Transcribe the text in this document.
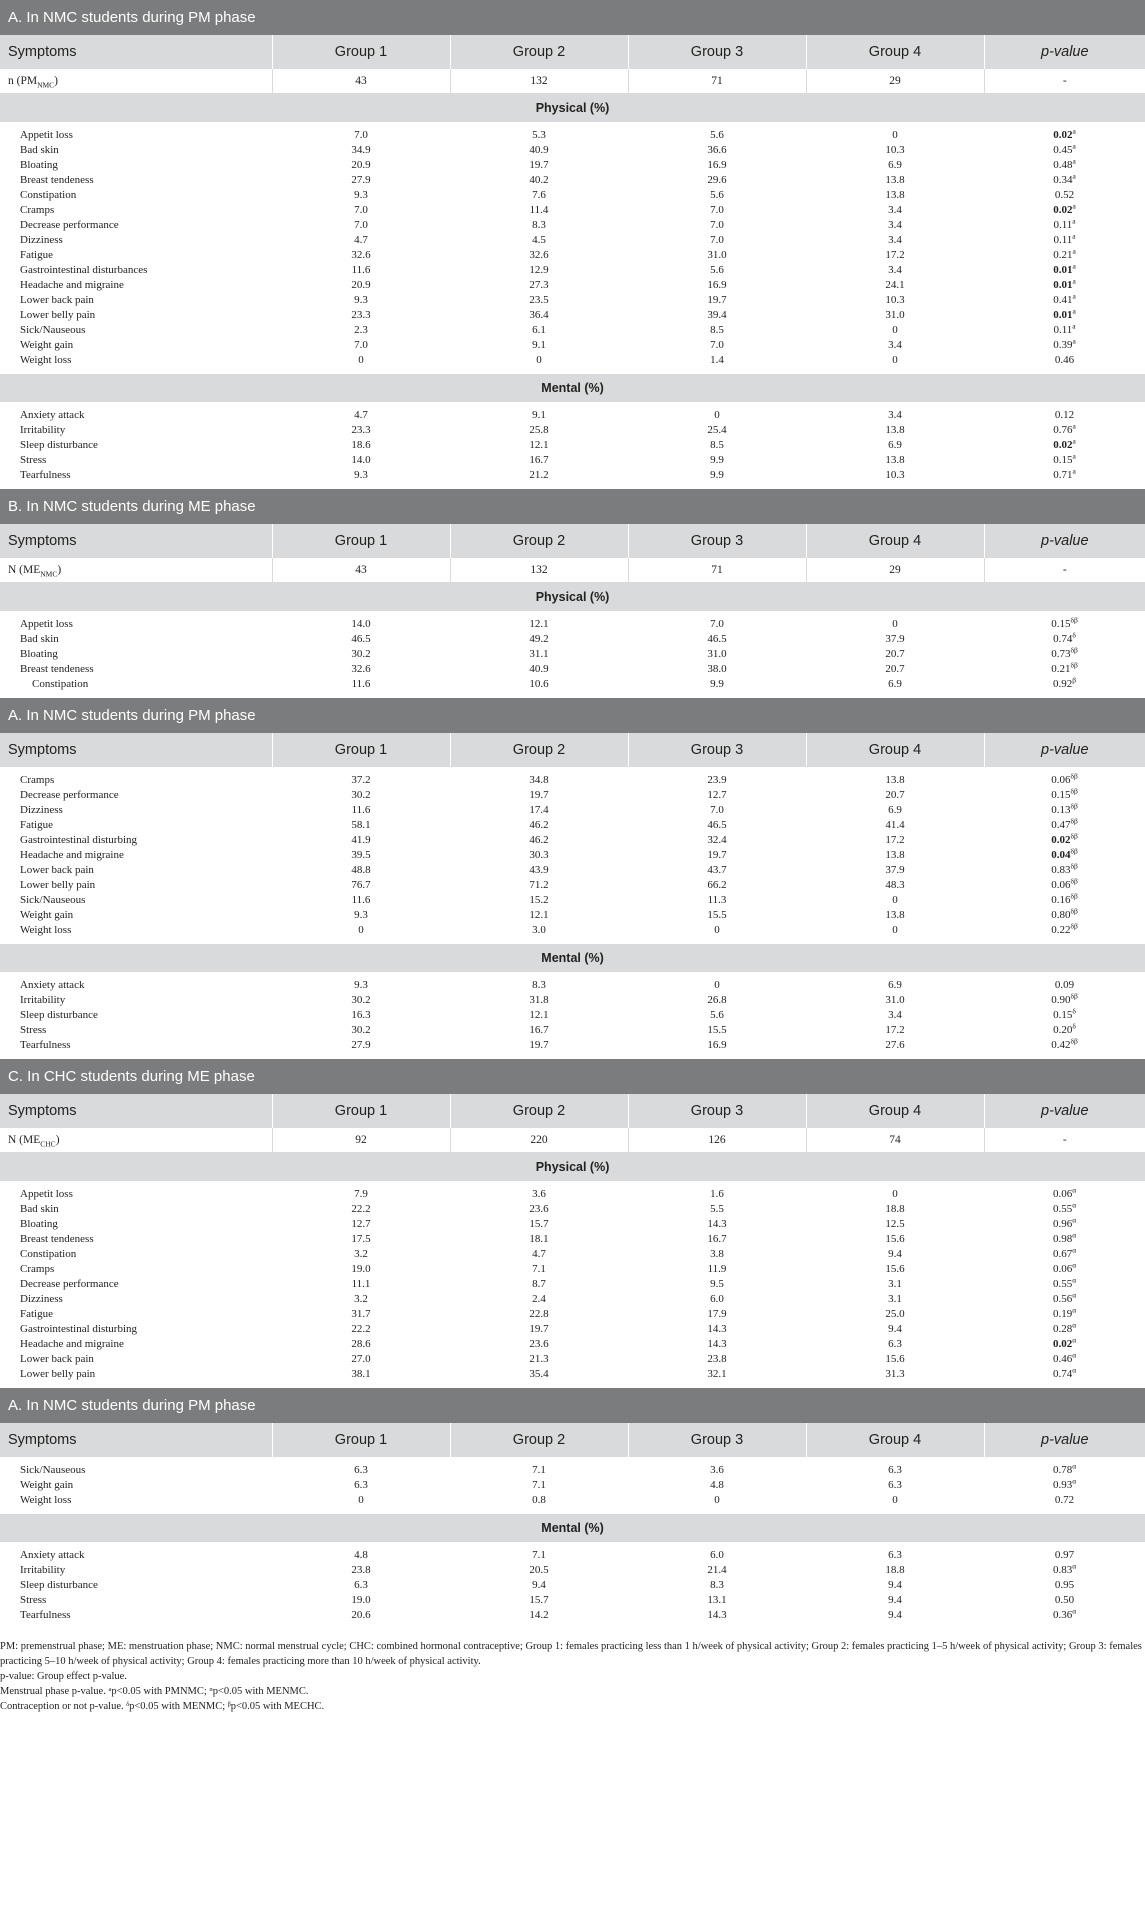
A. In NMC students during PM phase					
Symptoms	Group 1	Group 2	Group 3	Group 4	p-value
n $(PM_{NMC})$	43	132	71	29	-
Physical (%)					

Appetit loss	7.0	5.3	5.6	0	0.02$^a$
Bad skin	34.9	40.9	36.6	10.3	0.45$^a$
Bloating	20.9	19.7	16.9	6.9	0.48$^a$
Breast tendeness	27.9	40.2	29.6	13.8	0.34$^a$
Constipation	9.3	7.6	5.6	13.8	0.52
Cramps	7.0	11.4	7.0	3.4	0.02$^a$
Decrease performance	7.0	8.3	7.0	3.4	0.11$^a$
Dizziness	4.7	4.5	7.0	3.4	0.11$^a$
Fatigue	32.6	32.6	31.0	17.2	0.21$^a$
Gastrointestinal disturbances	11.6	12.9	5.6	3.4	0.01$^a$
Headache and migraine	20.9	27.3	16.9	24.1	0.01$^a$
Lower back pain	9.3	23.5	19.7	10.3	0.41$^a$
Lower belly pain	23.3	36.4	39.4	31.0	0.01$^a$
Sick/Nauseous	2.3	6.1	8.5	0	0.11$^a$
Weight gain	7.0	9.1	7.0	3.4	0.39$^a$
Weight loss	0	0	1.4	0	0.46

Mental (%)					

Anxiety attack	4.7	9.1	0	3.4	0.12
Irritability	23.3	25.8	25.4	13.8	0.76$^a$
Sleep disturbance	18.6	12.1	8.5	6.9	0.02$^a$
Stress	14.0	16.7	9.9	13.8	0.15$^a$
Tearfulness	9.3	21.2	9.9	10.3	0.71$^a$

B. In NMC students during ME phase					
Symptoms	Group 1	Group 2	Group 3	Group 4	p-value
N $(ME_{NMC})$	43	132	71	29	-
Physical (%)					

Appetit loss	14.0	12.1	7.0	0	$0.15^{\delta\beta}$
Bad skin	46.5	49.2	46.5	37.9	$0.74^\delta$
Bloating	30.2	31.1	31.0	20.7	$0.73^{\delta\beta}$
Breast tendeness	32.6	40.9	38.0	20.7	$0.21^{\delta\beta}$
Constipation	11.6	10.6	9.9	6.9	$0.92^\beta$

A. In NMC students during PM phase					
Symptoms	Group 1	Group 2	Group 3	Group 4	p-value

Cramps	37.2	34.8	23.9	13.8	$0.06^{\delta\beta}$
Decrease performance	30.2	19.7	12.7	20.7	$0.15^{\delta\beta}$
Dizziness	11.6	17.4	7.0	6.9	$0.13^{\delta\beta}$
Fatigue	58.1	46.2	46.5	41.4	$0.47^{\delta\beta}$
Gastrointestinal disturbing	41.9	46.2	32.4	17.2	$0.02^{\delta\beta}$
Headache and migraine	39.5	30.3	19.7	13.8	$0.04^{\delta\beta}$
Lower back pain	48.8	43.9	43.7	37.9	$0.83^{\delta\beta}$
Lower belly pain	76.7	71.2	66.2	48.3	$0.06^{\delta\beta}$
Sick/Nauseous	11.6	15.2	11.3	0	$0.16^{\delta\beta}$
Weight gain	9.3	12.1	15.5	13.8	$0.80^{\delta\beta}$
Weight loss	0	3.0	0	0	$0.22^{\delta\beta}$

Mental (%)					

Anxiety attack	9.3	8.3	0	6.9	0.09
Irritability	30.2	31.8	26.8	31.0	$0.90^{\delta\beta}$
Sleep disturbance	16.3	12.1	5.6	3.4	$0.15^\delta$
Stress	30.2	16.7	15.5	17.2	$0.20^\delta$
Tearfulness	27.9	19.7	16.9	27.6	$0.42^{\delta\beta}$

C. In CHC students during ME phase					
Symptoms	Group 1	Group 2	Group 3	Group 4	p-value
N $(ME_{CHC})$	92	220	126	74	-
Physical (%)					

Appetit loss	7.9	3.6	1.6	0	$0.06^\alpha$
Bad skin	22.2	23.6	5.5	18.8	$0.55^\alpha$
Bloating	12.7	15.7	14.3	12.5	$0.96^\alpha$
Breast tendeness	17.5	18.1	16.7	15.6	$0.98^\alpha$
Constipation	3.2	4.7	3.8	9.4	$0.67^\alpha$
Cramps	19.0	7.1	11.9	15.6	$0.06^\alpha$
Decrease performance	11.1	8.7	9.5	3.1	$0.55^\alpha$
Dizziness	3.2	2.4	6.0	3.1	$0.56^\alpha$
Fatigue	31.7	22.8	17.9	25.0	$0.19^\alpha$
Gastrointestinal disturbing	22.2	19.7	14.3	9.4	$0.28^\alpha$
Headache and migraine	28.6	23.6	14.3	6.3	$0.02^\alpha$
Lower back pain	27.0	21.3	23.8	15.6	$0.46^\alpha$
Lower belly pain	38.1	35.4	32.1	31.3	$0.74^\alpha$

A. In NMC students during PM phase					
Symptoms	Group 1	Group 2	Group 3	Group 4	p-value

Sick/Nauseous	6.3	7.1	3.6	6.3	$0.78^\alpha$
Weight gain	6.3	7.1	4.8	6.3	$0.93^\alpha$
Weight loss	0	0.8	0	0	0.72

Mental (%)					

Anxiety attack	4.8	7.1	6.0	6.3	0.97
Irritability	23.8	20.5	21.4	18.8	$0.83^\alpha$
Sleep disturbance	6.3	9.4	8.3	9.4	0.95
Stress	19.0	15.7	13.1	9.4	0.50
Tearfulness	20.6	14.2	14.3	9.4	$0.36^\alpha$

PM: premenstrual phase; ME: menstruation phase; NMC: normal menstrual cycle; CHC: combined hormonal contraceptive; Group 1: females practicing less than 1 h/week of physical activity; Group 2: females practicing 1–5 h/week of physical activity; Group 3: females practicing 5–10 h/week of physical activity; Group 4: females practicing more than 10 h/week of physical activity.
p-value: Group effect p-value.
Menstrual phase p-value. ᵃp<0.05 with PMNMC; ᵅp<0.05 with MENMC.
Contraception or not p-value. ᵟp<0.05 with MENMC; ᵝp<0.05 with MECHC.
